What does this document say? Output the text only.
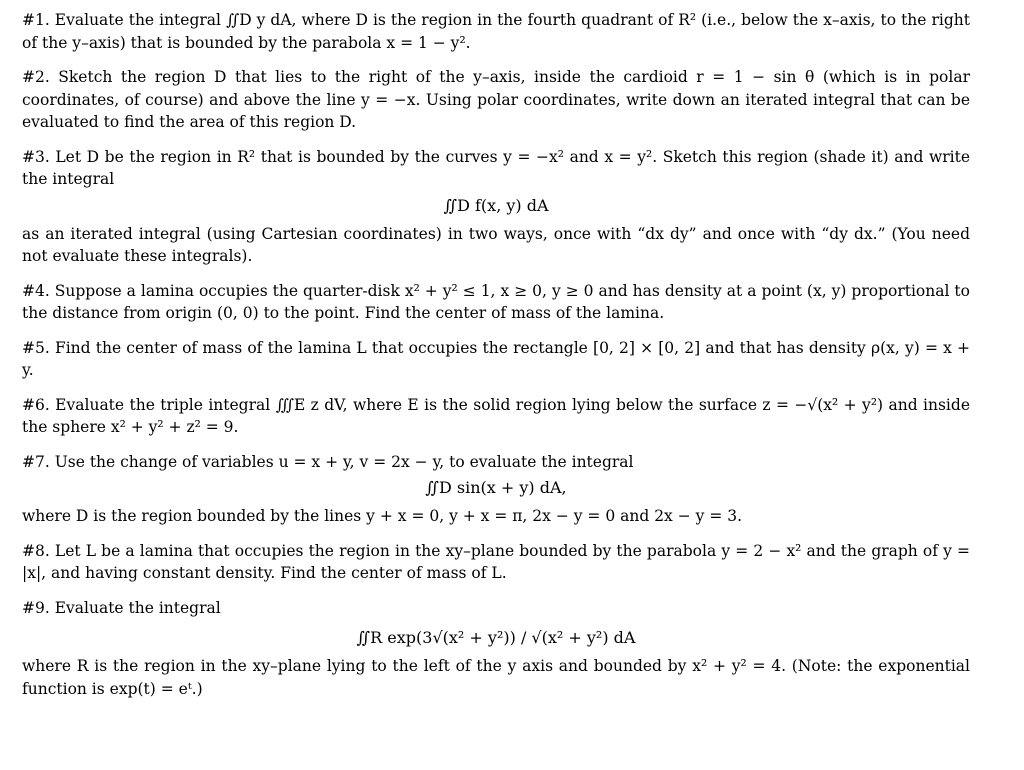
#1. Evaluate the integral ∬D y dA, where D is the region in the fourth quadrant of R² (i.e., below the x–axis, to the right of the y–axis) that is bounded by the parabola x = 1 − y².
#2. Sketch the region D that lies to the right of the y–axis, inside the cardioid r = 1 − sin θ (which is in polar coordinates, of course) and above the line y = −x. Using polar coordinates, write down an iterated integral that can be evaluated to find the area of this region D.
#3. Let D be the region in R² that is bounded by the curves y = −x² and x = y². Sketch this region (shade it) and write the integral
∬D f(x, y) dA
as an iterated integral (using Cartesian coordinates) in two ways, once with “dx dy” and once with “dy dx.” (You need not evaluate these integrals).
#4. Suppose a lamina occupies the quarter-disk x² + y² ≤ 1, x ≥ 0, y ≥ 0 and has density at a point (x, y) proportional to the distance from origin (0, 0) to the point. Find the center of mass of the lamina.
#5. Find the center of mass of the lamina L that occupies the rectangle [0, 2] × [0, 2] and that has density ρ(x, y) = x + y.
#6. Evaluate the triple integral ∭E z dV, where E is the solid region lying below the surface z = −√(x² + y²) and inside the sphere x² + y² + z² = 9.
#7. Use the change of variables u = x + y, v = 2x − y, to evaluate the integral
∬D sin(x + y) dA,
where D is the region bounded by the lines y + x = 0, y + x = π, 2x − y = 0 and 2x − y = 3.
#8. Let L be a lamina that occupies the region in the xy–plane bounded by the parabola y = 2 − x² and the graph of y = |x|, and having constant density. Find the center of mass of L.
#9. Evaluate the integral
∬R exp(3√(x² + y²)) / √(x² + y²) dA
where R is the region in the xy–plane lying to the left of the y axis and bounded by x² + y² = 4. (Note: the exponential function is exp(t) = eᵗ.)
